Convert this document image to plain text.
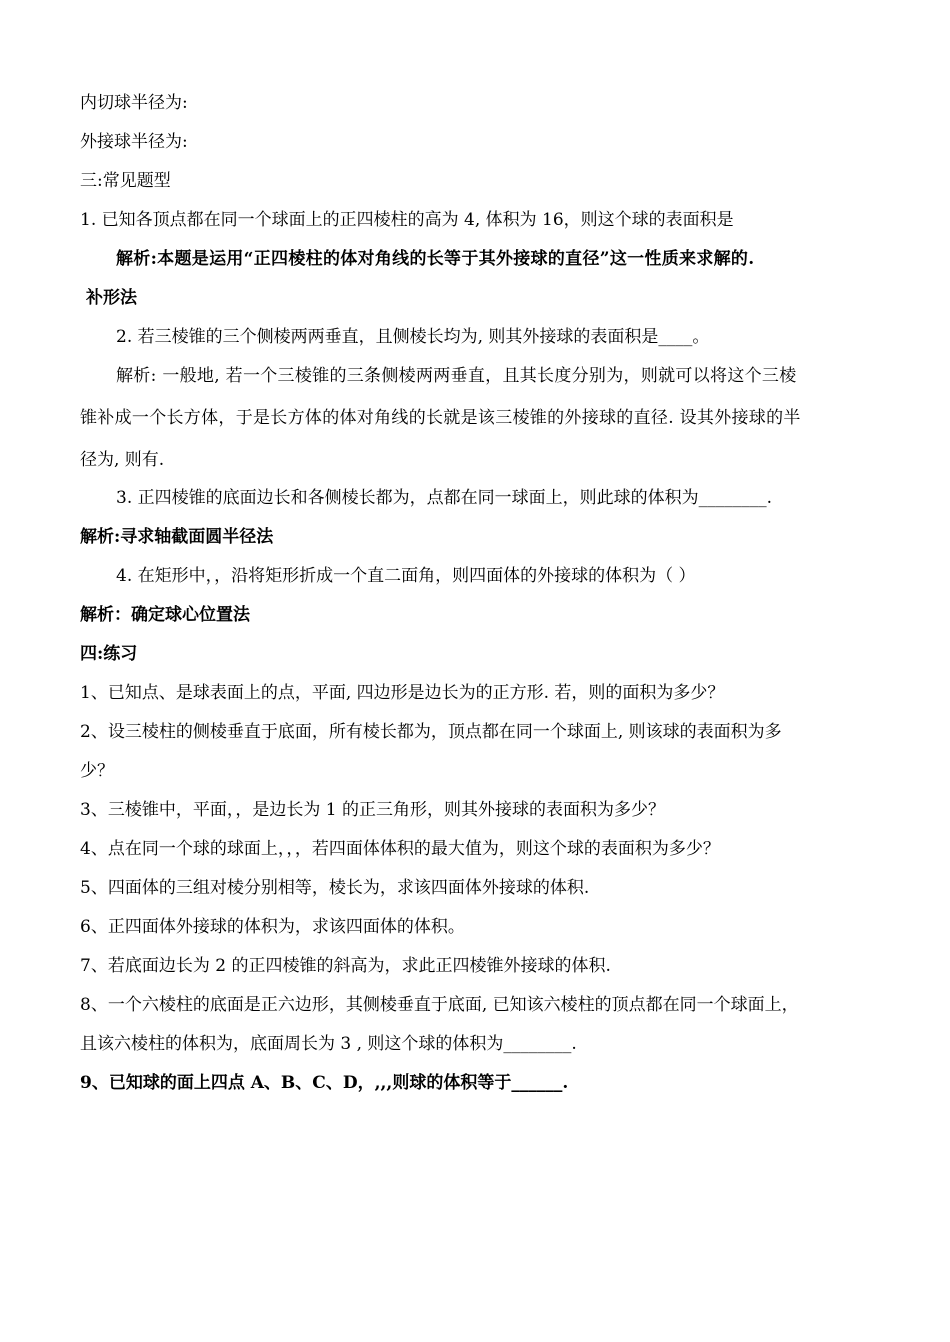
内切球半径为:
外接球半径为:
三:常见题型
1. 已知各顶点都在同一个球面上的正四棱柱的高为 4, 体积为 16，则这个球的表面积是
解析:本题是运用“正四棱柱的体对角线的长等于其外接球的直径”这一性质来求解的.
补形法
2. 若三棱锥的三个侧棱两两垂直，且侧棱长均为, 则其外接球的表面积是____。
解析: 一般地, 若一个三棱锥的三条侧棱两两垂直，且其长度分别为，则就可以将这个三棱
锥补成一个长方体，于是长方体的体对角线的长就是该三棱锥的外接球的直径. 设其外接球的半
径为, 则有.
3. 正四棱锥的底面边长和各侧棱长都为，点都在同一球面上，则此球的体积为________.
解析:寻求轴截面圆半径法
4. 在矩形中，，沿将矩形折成一个直二面角，则四面体的外接球的体积为（ ）
解析：确定球心位置法
四:练习
1、已知点、是球表面上的点，平面, 四边形是边长为的正方形. 若，则的面积为多少？
2、设三棱柱的侧棱垂直于底面，所有棱长都为，顶点都在同一个球面上, 则该球的表面积为多
少？
3、三棱锥中，平面，，是边长为 1 的正三角形，则其外接球的表面积为多少？
4、点在同一个球的球面上，，，若四面体体积的最大值为，则这个球的表面积为多少？
5、四面体的三组对棱分别相等，棱长为，求该四面体外接球的体积.
6、正四面体外接球的体积为，求该四面体的体积。
7、若底面边长为 2 的正四棱锥的斜高为，求此正四棱锥外接球的体积.
8、一个六棱柱的底面是正六边形，其侧棱垂直于底面, 已知该六棱柱的顶点都在同一个球面上，
且该六棱柱的体积为，底面周长为 3 , 则这个球的体积为________.
9、已知球的面上四点 A、B、C、D，,,,则球的体积等于______.
